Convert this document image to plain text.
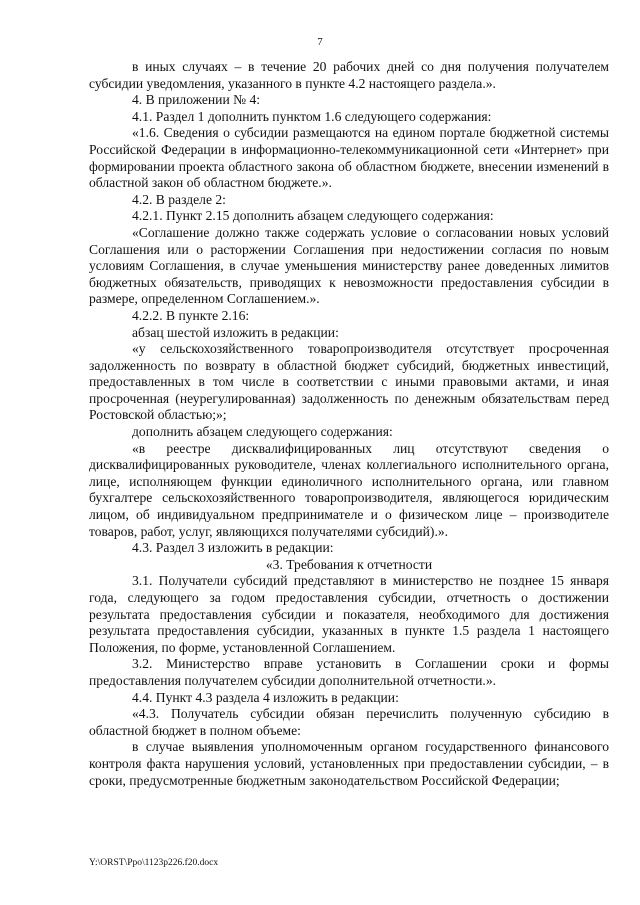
7

в иных случаях – в течение 20 рабочих дней со дня получения получателем субсидии уведомления, указанного в пункте 4.2 настоящего раздела.».

4. В приложении № 4:

4.1. Раздел 1 дополнить пунктом 1.6 следующего содержания:

«1.6. Сведения о субсидии размещаются на едином портале бюджетной системы Российской Федерации в информационно-телекоммуникационной сети «Интернет» при формировании проекта областного закона об областном бюджете, внесении изменений в областной закон об областном бюджете.».

4.2. В разделе 2:

4.2.1. Пункт 2.15 дополнить абзацем следующего содержания:

«Соглашение должно также содержать условие о согласовании новых условий Соглашения или о расторжении Соглашения при недостижении согласия по новым условиям Соглашения, в случае уменьшения министерству ранее доведенных лимитов бюджетных обязательств, приводящих к невозможности предоставления субсидии в размере, определенном Соглашением.».

4.2.2. В пункте 2.16:

абзац шестой изложить в редакции:

«у сельскохозяйственного товаропроизводителя отсутствует просроченная задолженность по возврату в областной бюджет субсидий, бюджетных инвестиций, предоставленных в том числе в соответствии с иными правовыми актами, и иная просроченная (неурегулированная) задолженность по денежным обязательствам перед Ростовской областью;»;

дополнить абзацем следующего содержания:

«в реестре дисквалифицированных лиц отсутствуют сведения о дисквалифицированных руководителе, членах коллегиального исполнительного органа, лице, исполняющем функции единоличного исполнительного органа, или главном бухгалтере сельскохозяйственного товаропроизводителя, являющегося юридическим лицом, об индивидуальном предпринимателе и о физическом лице – производителе товаров, работ, услуг, являющихся получателями субсидий).».

4.3. Раздел 3 изложить в редакции:

«3. Требования к отчетности

3.1. Получатели субсидий представляют в министерство не позднее 15 января года, следующего за годом предоставления субсидии, отчетность о достижении результата предоставления субсидии и показателя, необходимого для достижения результата предоставления субсидии, указанных в пункте 1.5 раздела 1 настоящего Положения, по форме, установленной Соглашением.

3.2. Министерство вправе установить в Соглашении сроки и формы предоставления получателем субсидии дополнительной отчетности.».

4.4. Пункт 4.3 раздела 4 изложить в редакции:

«4.3. Получатель субсидии обязан перечислить полученную субсидию в областной бюджет в полном объеме:

в случае выявления уполномоченным органом государственного финансового контроля факта нарушения условий, установленных при предоставлении субсидии, – в сроки, предусмотренные бюджетным законодательством Российской Федерации;

Y:\ORST\Ppo\1123p226.f20.docx
